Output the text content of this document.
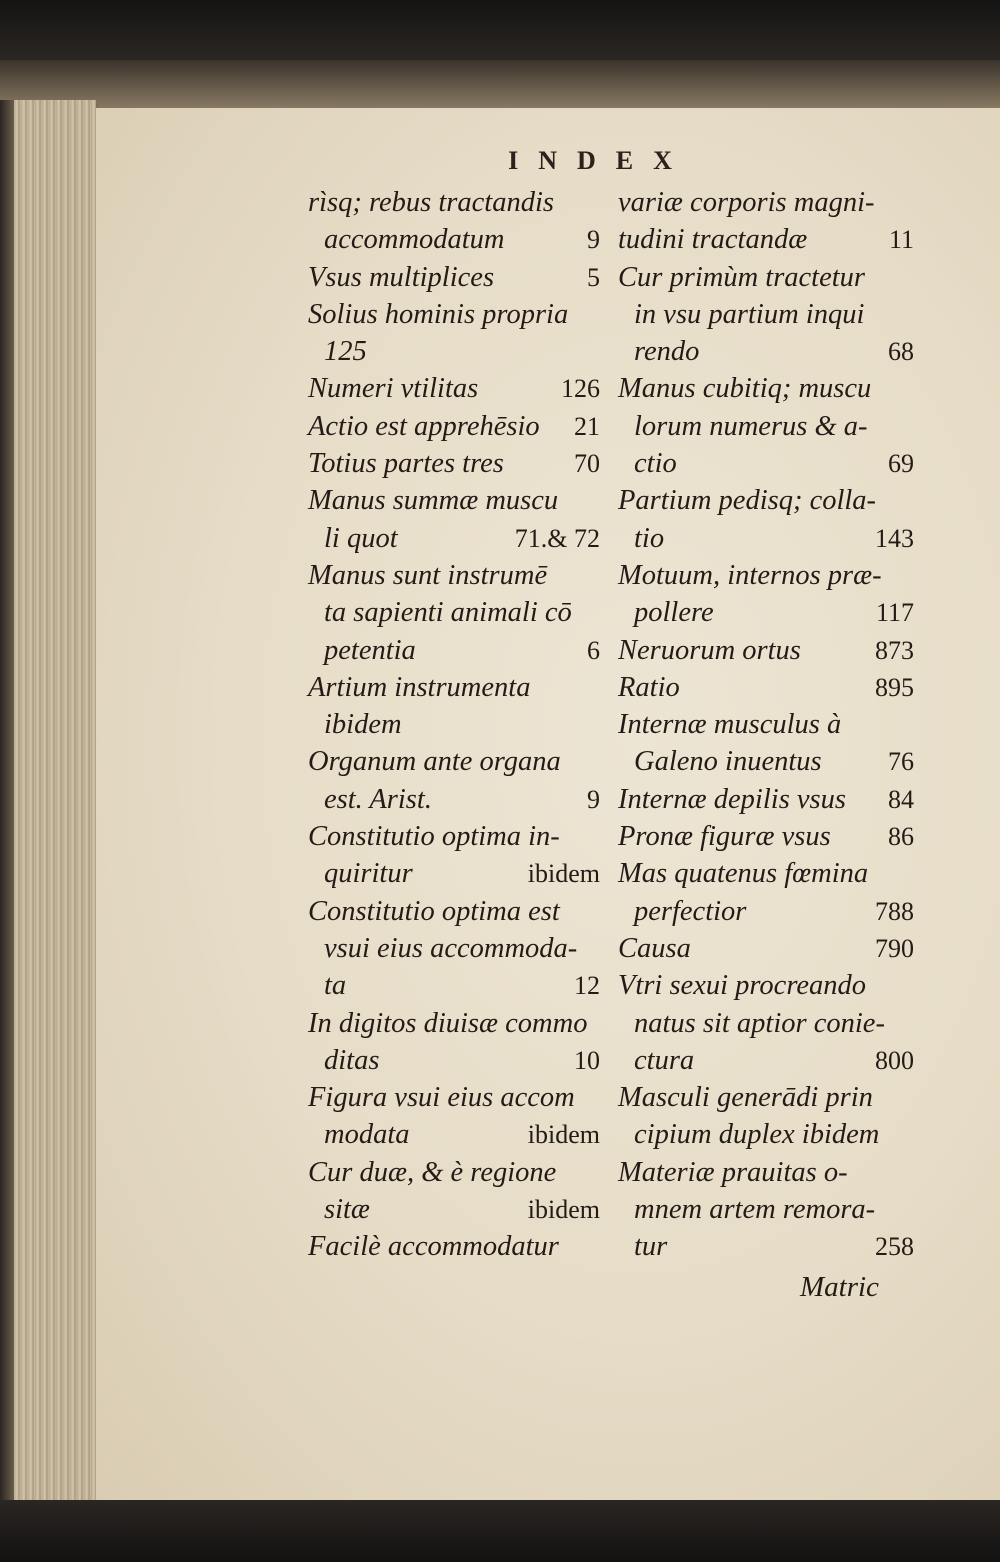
INDEX
rìsq; rebus tractandis
accommodatum	9
Vsus multiplices	5
Solius hominis propria
125
Numeri vtilitas	126
Actio est apprehēsio 21
Totius partes tres	70
Manus summæ muscu
li quot	71.& 72
Manus sunt instrumē
ta sapienti animali cō
petentia	6
Artium instrumenta
ibidem
Organum ante organa
est. Arist.	9
Constitutio optima in-
quiritur	ibidem
Constitutio optima est
vsui eius accommoda-
ta	12
In digitos diuisæ commo
ditas	10
Figura vsui eius accom
modata	ibidem
Cur duæ, & è regione
sitæ	ibidem
Facilè accommodatur
variæ corporis magni-
tudini tractandæ	11
Cur primùm tractetur
in vsu partium inqui
rendo	68
Manus cubitiq; muscu
lorum numerus & a-
ctio	69
Partium pedisq; colla-
tio	143
Motuum, internos præ-
pollere	117
Neruorum ortus	873
Ratio	895
Internæ musculus à
Galeno inuentus	76
Internæ depilis vsus 84
Pronæ figuræ vsus 86
Mas quatenus fœmina
perfectior	788
Causa	790
Vtri sexui procreando
natus sit aptior conie-
ctura	800
Masculi generādi prin
cipium duplex ibidem
Materiæ prauitas o-
mnem artem remora-
tur	258
Matric
